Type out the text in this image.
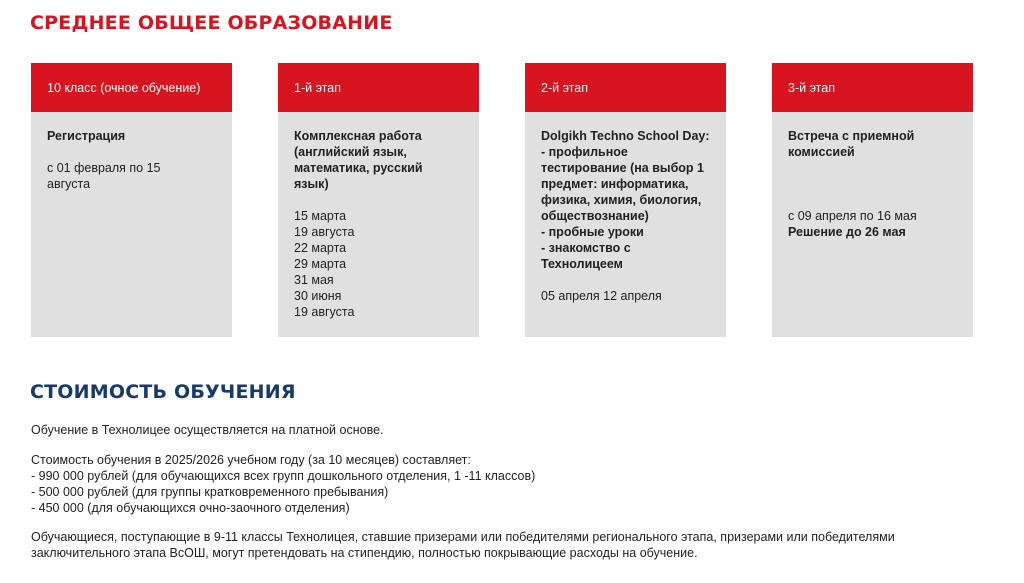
СРЕДНЕЕ ОБЩЕЕ ОБРАЗОВАНИЕ
10 класс (очное обучение)
Регистрация
с 01 февраля по 15
августа
1-й этап
Комплексная работа
(английский язык,
математика, русский
язык)
15 марта
19 августа
22 марта
29 марта
31 мая
30 июня
19 августа
2-й этап
Dolgikh Techno School Day:
- профильное
тестирование (на выбор 1
предмет: информатика,
физика, химия, биология,
обществознание)
- пробные уроки
- знакомство с
Технолицеем
05 апреля 12 апреля
3-й этап
Встреча с приемной
комиссией
с 09 апреля по 16 мая
Решение до 26 мая
СТОИМОСТЬ ОБУЧЕНИЯ
Обучение в Технолицее осуществляется на платной основе.
Стоимость обучения в 2025/2026 учебном году (за 10 месяцев) составляет:
- 990 000 рублей (для обучающихся всех групп дошкольного отделения, 1 -11 классов)
- 500 000 рублей (для группы кратковременного пребывания)
- 450 000 (для обучающихся очно-заочного отделения)
Обучающиеся, поступающие в 9-11 классы Технолицея, ставшие призерами или победителями регионального этапа, призерами или победителями
заключительного этапа ВсОШ, могут претендовать на стипендию, полностью покрывающие расходы на обучение.
